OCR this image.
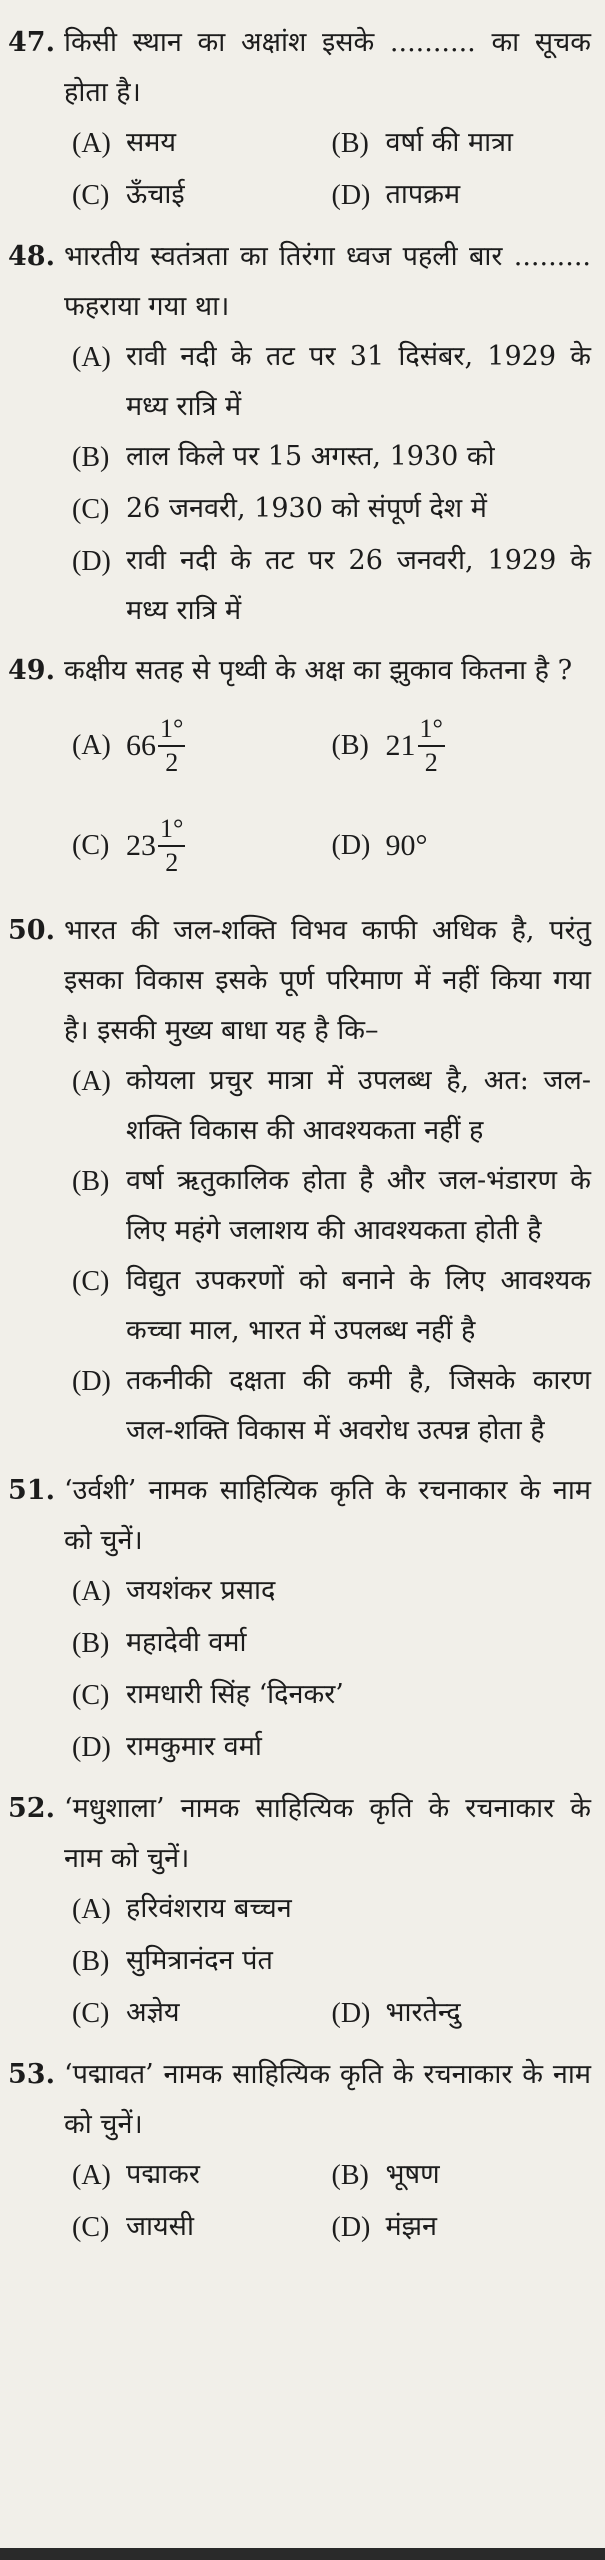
47. किसी स्थान का अक्षांश इसके .......... का सूचक होता है।
(A) समय	(B) वर्षा की मात्रा
(C) ऊँचाई	(D) तापक्रम
48. भारतीय स्वतंत्रता का तिरंगा ध्वज पहली बार ......... फहराया गया था।
(A) रावी नदी के तट पर 31 दिसंबर, 1929 के मध्य रात्रि में
(B) लाल किले पर 15 अगस्त, 1930 को
(C) 26 जनवरी, 1930 को संपूर्ण देश में
(D) रावी नदी के तट पर 26 जनवरी, 1929 के मध्य रात्रि में
49. कक्षीय सतह से पृथ्वी के अक्ष का झुकाव कितना है ?
(A) $66 \frac{1^\circ}{2}$	(B) $21 \frac{1^\circ}{2}$
(C) $23 \frac{1^\circ}{2}$	(D) 90°
50. भारत की जल-शक्ति विभव काफी अधिक है, परंतु इसका विकास इसके पूर्ण परिमाण में नहीं किया गया है। इसकी मुख्य बाधा यह है कि–
(A) कोयला प्रचुर मात्रा में उपलब्ध है, अत: जल-शक्ति विकास की आवश्यकता नहीं ह
(B) वर्षा ऋतुकालिक होता है और जल-भंडारण के लिए महंगे जलाशय की आवश्यकता होती है
(C) विद्युत उपकरणों को बनाने के लिए आवश्यक कच्चा माल, भारत में उपलब्ध नहीं है
(D) तकनीकी दक्षता की कमी है, जिसके कारण जल-शक्ति विकास में अवरोध उत्पन्न होता है
51. ‘उर्वशी’ नामक साहित्यिक कृति के रचनाकार के नाम को चुनें।
(A) जयशंकर प्रसाद
(B) महादेवी वर्मा
(C) रामधारी सिंह ‘दिनकर’
(D) रामकुमार वर्मा
52. ‘मधुशाला’ नामक साहित्यिक कृति के रचनाकार के नाम को चुनें।
(A) हरिवंशराय बच्चन
(B) सुमित्रानंदन पंत
(C) अज्ञेय	(D) भारतेन्दु
53. ‘पद्मावत’ नामक साहित्यिक कृति के रचनाकार के नाम को चुनें।
(A) पद्माकर	(B) भूषण
(C) जायसी	(D) मंझन
